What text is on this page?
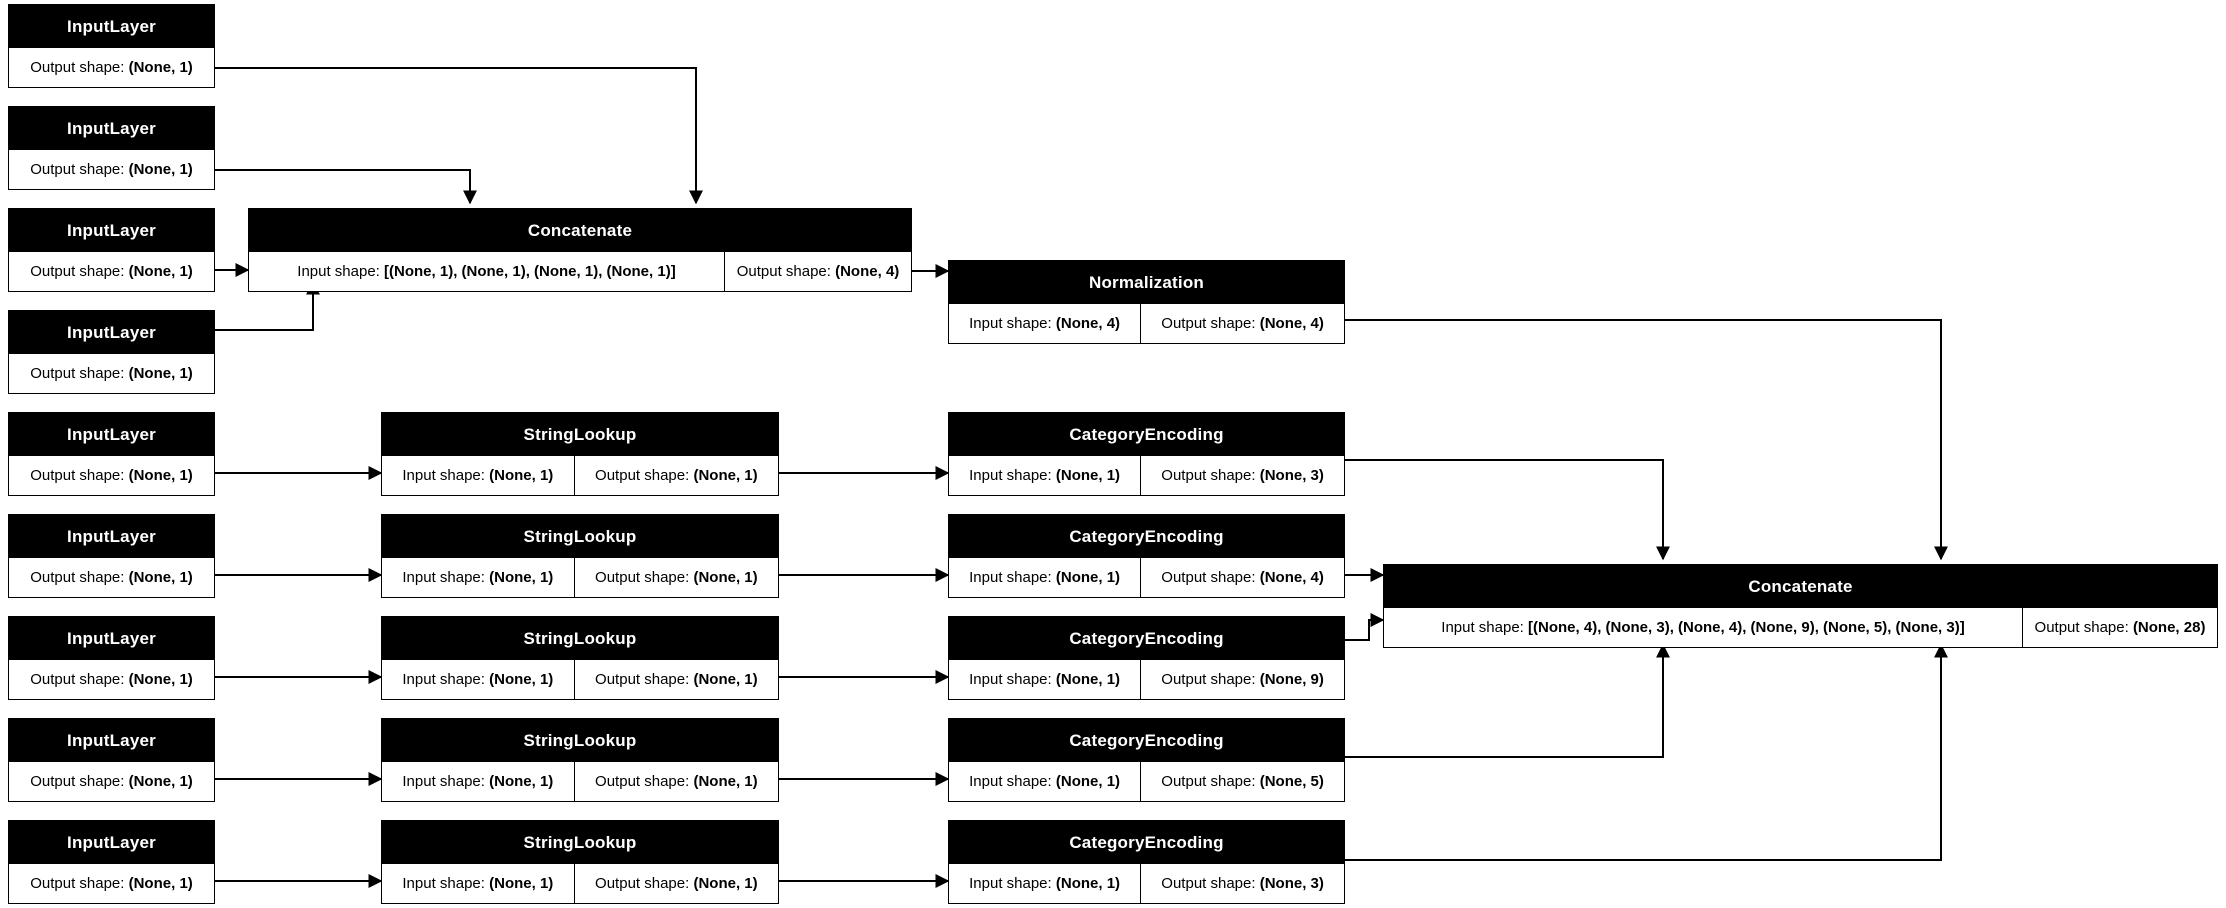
InputLayer
Output shape: (None, 1)
InputLayer
Output shape: (None, 1)
InputLayer
Output shape: (None, 1)
InputLayer
Output shape: (None, 1)
Concatenate
Input shape: [(None, 1), (None, 1), (None, 1), (None, 1)]	Output shape: (None, 4)
Normalization
Input shape: (None, 4)	Output shape: (None, 4)
InputLayer
Output shape: (None, 1)
InputLayer
Output shape: (None, 1)
InputLayer
Output shape: (None, 1)
InputLayer
Output shape: (None, 1)
InputLayer
Output shape: (None, 1)
StringLookup
Input shape: (None, 1)	Output shape: (None, 1)
StringLookup
Input shape: (None, 1)	Output shape: (None, 1)
StringLookup
Input shape: (None, 1)	Output shape: (None, 1)
StringLookup
Input shape: (None, 1)	Output shape: (None, 1)
StringLookup
Input shape: (None, 1)	Output shape: (None, 1)
CategoryEncoding
Input shape: (None, 1)	Output shape: (None, 3)
CategoryEncoding
Input shape: (None, 1)	Output shape: (None, 4)
CategoryEncoding
Input shape: (None, 1)	Output shape: (None, 9)
CategoryEncoding
Input shape: (None, 1)	Output shape: (None, 5)
CategoryEncoding
Input shape: (None, 1)	Output shape: (None, 3)
Concatenate
Input shape: [(None, 4), (None, 3), (None, 4), (None, 9), (None, 5), (None, 3)]	Output shape: (None, 28)
